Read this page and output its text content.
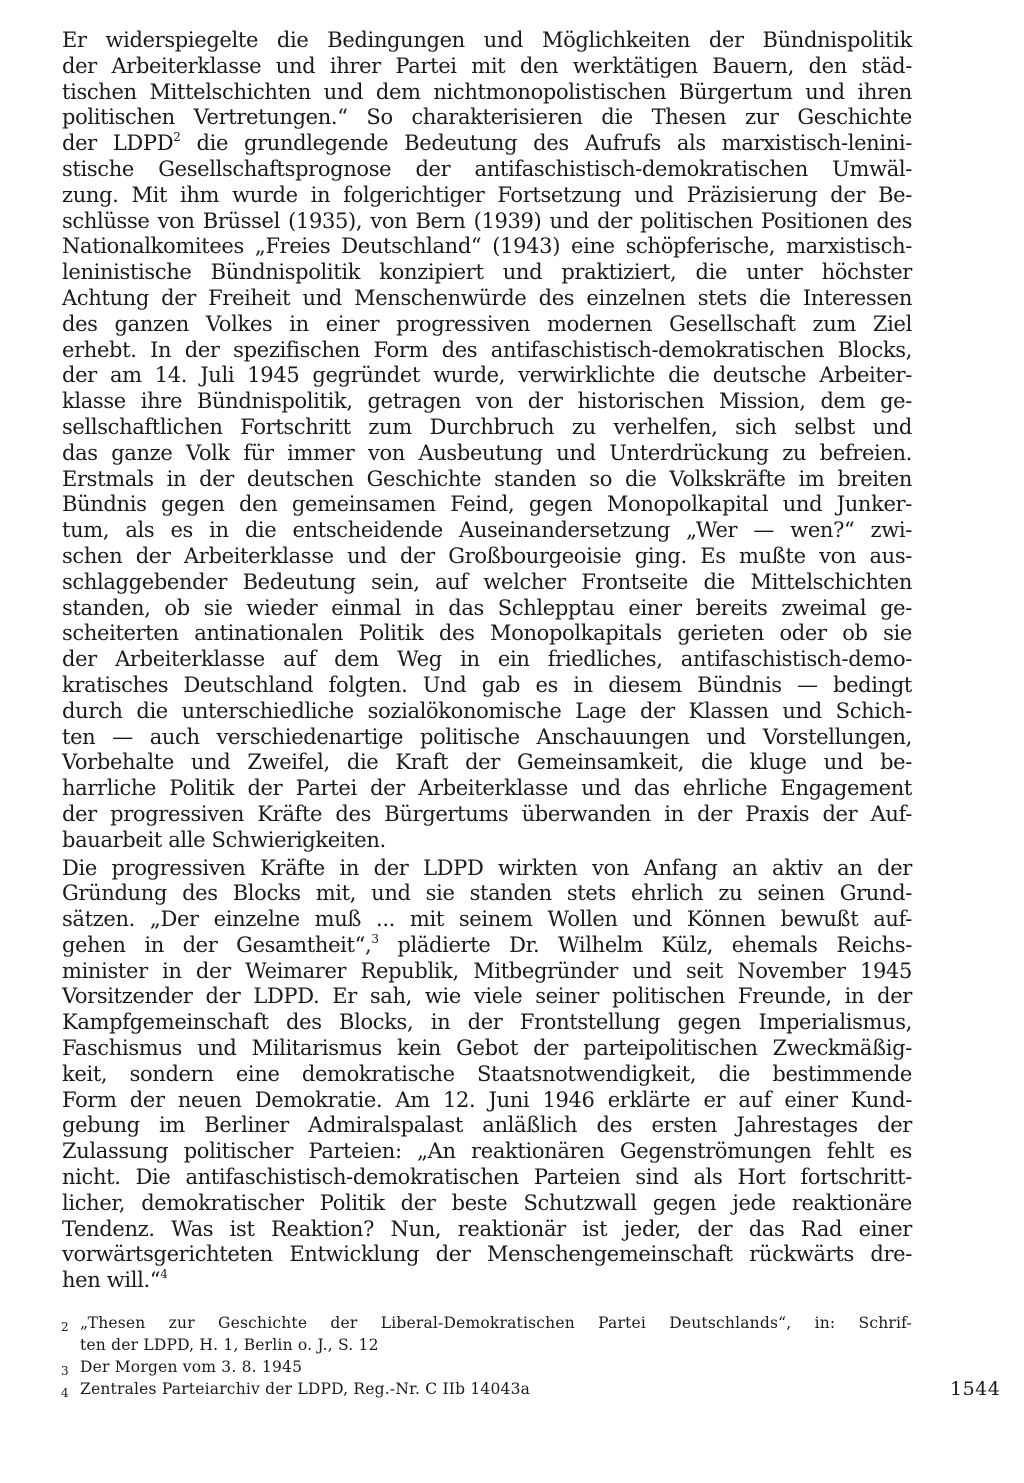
Er widerspiegelte die Bedingungen und Möglichkeiten der Bündnispolitik
der Arbeiterklasse und ihrer Partei mit den werktätigen Bauern, den städ-
tischen Mittelschichten und dem nichtmonopolistischen Bürgertum und ihren
politischen Vertretungen.“ So charakterisieren die Thesen zur Geschichte
der LDPD$^2$ die grundlegende Bedeutung des Aufrufs als marxistisch-lenini-
stische Gesellschaftsprognose der antifaschistisch-demokratischen Umwäl-
zung. Mit ihm wurde in folgerichtiger Fortsetzung und Präzisierung der Be-
schlüsse von Brüssel (1935), von Bern (1939) und der politischen Positionen des
Nationalkomitees „Freies Deutschland“ (1943) eine schöpferische, marxistisch-
leninistische Bündnispolitik konzipiert und praktiziert, die unter höchster
Achtung der Freiheit und Menschenwürde des einzelnen stets die Interessen
des ganzen Volkes in einer progressiven modernen Gesellschaft zum Ziel
erhebt. In der spezifischen Form des antifaschistisch-demokratischen Blocks,
der am 14. Juli 1945 gegründet wurde, verwirklichte die deutsche Arbeiter-
klasse ihre Bündnispolitik, getragen von der historischen Mission, dem ge-
sellschaftlichen Fortschritt zum Durchbruch zu verhelfen, sich selbst und
das ganze Volk für immer von Ausbeutung und Unterdrückung zu befreien.
Erstmals in der deutschen Geschichte standen so die Volkskräfte im breiten
Bündnis gegen den gemeinsamen Feind, gegen Monopolkapital und Junker-
tum, als es in die entscheidende Auseinandersetzung „Wer — wen?“ zwi-
schen der Arbeiterklasse und der Großbourgeoisie ging. Es mußte von aus-
schlaggebender Bedeutung sein, auf welcher Frontseite die Mittelschichten
standen, ob sie wieder einmal in das Schlepptau einer bereits zweimal ge-
scheiterten antinationalen Politik des Monopolkapitals gerieten oder ob sie
der Arbeiterklasse auf dem Weg in ein friedliches, antifaschistisch-demo-
kratisches Deutschland folgten. Und gab es in diesem Bündnis — bedingt
durch die unterschiedliche sozialökonomische Lage der Klassen und Schich-
ten — auch verschiedenartige politische Anschauungen und Vorstellungen,
Vorbehalte und Zweifel, die Kraft der Gemeinsamkeit, die kluge und be-
harrliche Politik der Partei der Arbeiterklasse und das ehrliche Engagement
der progressiven Kräfte des Bürgertums überwanden in der Praxis der Auf-
bauarbeit alle Schwierigkeiten.
Die progressiven Kräfte in der LDPD wirkten von Anfang an aktiv an der
Gründung des Blocks mit, und sie standen stets ehrlich zu seinen Grund-
sätzen. „Der einzelne muß ... mit seinem Wollen und Können bewußt auf-
gehen in der Gesamtheit“,$^3$ plädierte Dr. Wilhelm Külz, ehemals Reichs-
minister in der Weimarer Republik, Mitbegründer und seit November 1945
Vorsitzender der LDPD. Er sah, wie viele seiner politischen Freunde, in der
Kampfgemeinschaft des Blocks, in der Frontstellung gegen Imperialismus,
Faschismus und Militarismus kein Gebot der parteipolitischen Zweckmäßig-
keit, sondern eine demokratische Staatsnotwendigkeit, die bestimmende
Form der neuen Demokratie. Am 12. Juni 1946 erklärte er auf einer Kund-
gebung im Berliner Admiralspalast anläßlich des ersten Jahrestages der
Zulassung politischer Parteien: „An reaktionären Gegenströmungen fehlt es
nicht. Die antifaschistisch-demokratischen Parteien sind als Hort fortschritt-
licher, demokratischer Politik der beste Schutzwall gegen jede reaktionäre
Tendenz. Was ist Reaktion? Nun, reaktionär ist jeder, der das Rad einer
vorwärtsgerichteten Entwicklung der Menschengemeinschaft rückwärts dre-
hen will.“$^4$
2 „Thesen zur Geschichte der Liberal-Demokratischen Partei Deutschlands“, in: Schrif-
ten der LDPD, H. 1, Berlin o. J., S. 12
3 Der Morgen vom 3. 8. 1945
4 Zentrales Parteiarchiv der LDPD, Reg.-Nr. C IIb 14043a	1544
